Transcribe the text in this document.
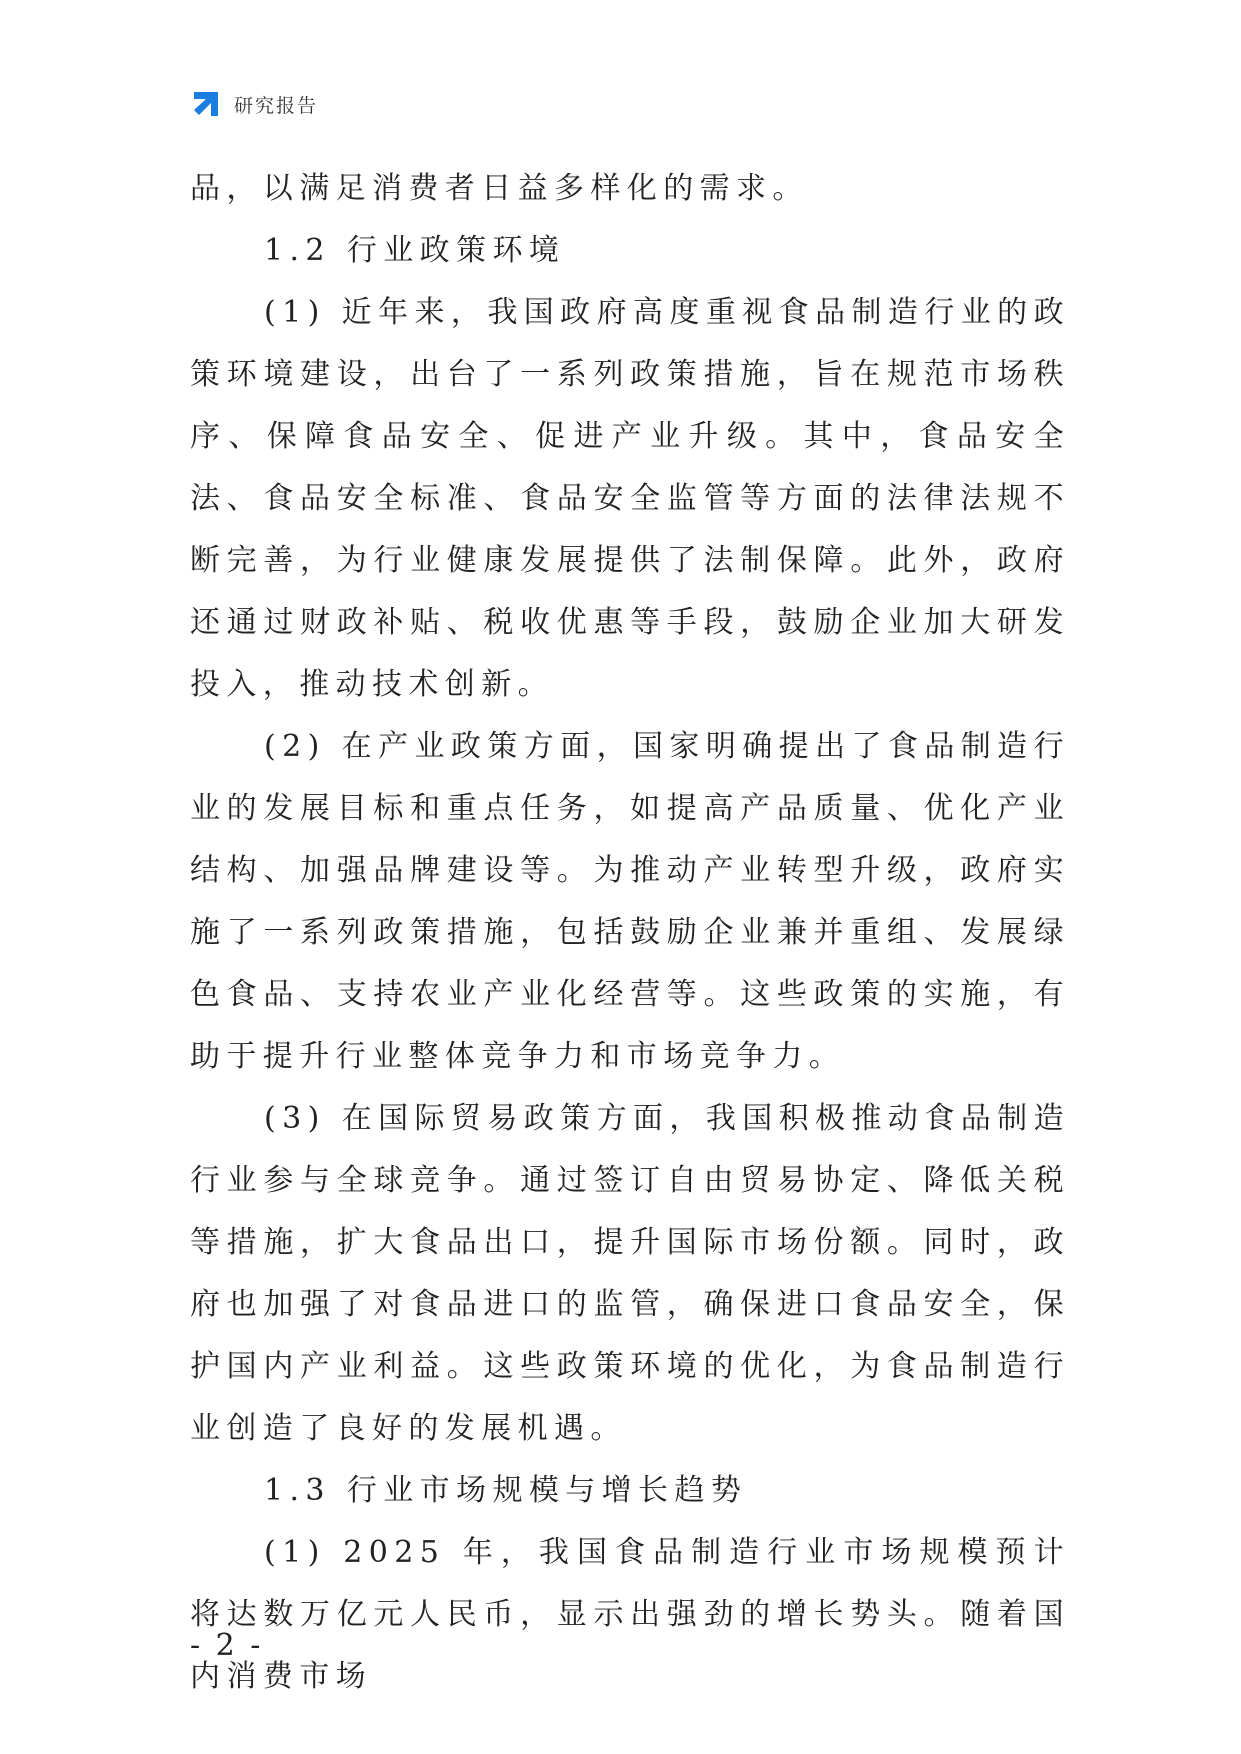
研究报告

品，以满足消费者日益多样化的需求。

1.2 行业政策环境

(1) 近年来，我国政府高度重视食品制造行业的政策环境建设，出台了一系列政策措施，旨在规范市场秩序、保障食品安全、促进产业升级。其中，食品安全法、食品安全标准、食品安全监管等方面的法律法规不断完善，为行业健康发展提供了法制保障。此外，政府还通过财政补贴、税收优惠等手段，鼓励企业加大研发投入，推动技术创新。

(2) 在产业政策方面，国家明确提出了食品制造行业的发展目标和重点任务，如提高产品质量、优化产业结构、加强品牌建设等。为推动产业转型升级，政府实施了一系列政策措施，包括鼓励企业兼并重组、发展绿色食品、支持农业产业化经营等。这些政策的实施，有助于提升行业整体竞争力和市场竞争力。

(3) 在国际贸易政策方面，我国积极推动食品制造行业参与全球竞争。通过签订自由贸易协定、降低关税等措施，扩大食品出口，提升国际市场份额。同时，政府也加强了对食品进口的监管，确保进口食品安全，保护国内产业利益。这些政策环境的优化，为食品制造行业创造了良好的发展机遇。

1.3 行业市场规模与增长趋势

(1) 2025 年，我国食品制造行业市场规模预计将达数万亿元人民币，显示出强劲的增长势头。随着国内消费市场

- 2 -
